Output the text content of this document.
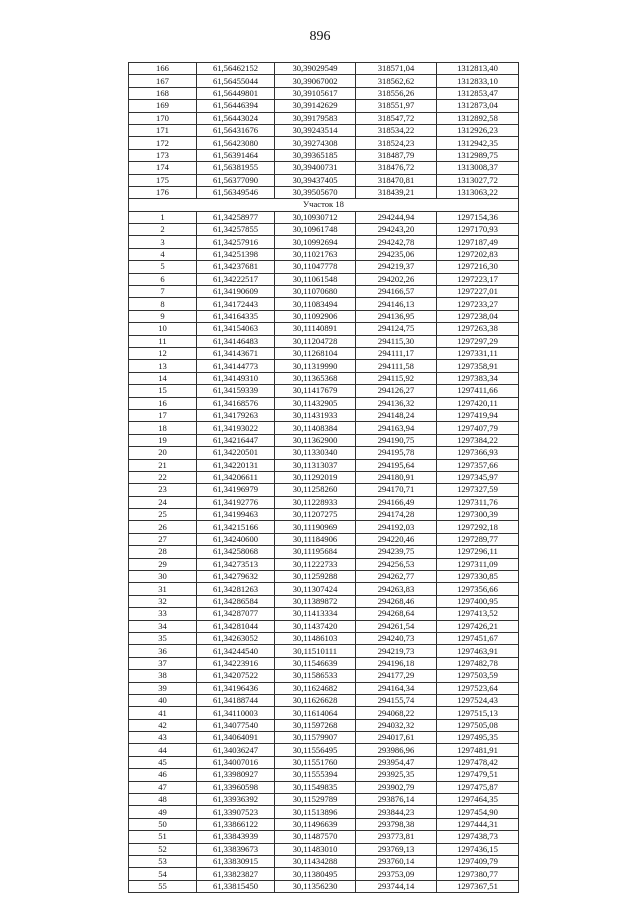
896
166	61,56462152	30,39029549	318571,04	1312813,40
167	61,56455044	30,39067002	318562,62	1312833,10
168	61,56449801	30,39105617	318556,26	1312853,47
169	61,56446394	30,39142629	318551,97	1312873,04
170	61,56443024	30,39179583	318547,72	1312892,58
171	61,56431676	30,39243514	318534,22	1312926,23
172	61,56423080	30,39274308	318524,23	1312942,35
173	61,56391464	30,39365185	318487,79	1312989,75
174	61,56381955	30,39400731	318476,72	1313008,37
175	61,56377090	30,39437405	318470,81	1313027,72
176	61,56349546	30,39505670	318439,21	1313063,22
Участок 18				
1	61,34258977	30,10930712	294244,94	1297154,36
2	61,34257855	30,10961748	294243,20	1297170,93
3	61,34257916	30,10992694	294242,78	1297187,49
4	61,34251398	30,11021763	294235,06	1297202,83
5	61,34237681	30,11047778	294219,37	1297216,30
6	61,34222517	30,11061548	294202,26	1297223,17
7	61,34190609	30,11070680	294166,57	1297227,01
8	61,34172443	30,11083494	294146,13	1297233,27
9	61,34164335	30,11092906	294136,95	1297238,04
10	61,34154063	30,11140891	294124,75	1297263,38
11	61,34146483	30,11204728	294115,30	1297297,29
12	61,34143671	30,11268104	294111,17	1297331,11
13	61,34144773	30,11319990	294111,58	1297358,91
14	61,34149310	30,11365368	294115,92	1297383,34
15	61,34159339	30,11417679	294126,27	1297411,66
16	61,34168576	30,11432905	294136,32	1297420,11
17	61,34179263	30,11431933	294148,24	1297419,94
18	61,34193022	30,11408384	294163,94	1297407,79
19	61,34216447	30,11362900	294190,75	1297384,22
20	61,34220501	30,11330340	294195,78	1297366,93
21	61,34220131	30,11313037	294195,64	1297357,66
22	61,34206611	30,11292019	294180,91	1297345,97
23	61,34196979	30,11258260	294170,71	1297327,59
24	61,34192776	30,11228933	294166,49	1297311,76
25	61,34199463	30,11207275	294174,28	1297300,39
26	61,34215166	30,11190969	294192,03	1297292,18
27	61,34240600	30,11184906	294220,46	1297289,77
28	61,34258068	30,11195684	294239,75	1297296,11
29	61,34273513	30,11222733	294256,53	1297311,09
30	61,34279632	30,11259288	294262,77	1297330,85
31	61,34281263	30,11307424	294263,83	1297356,66
32	61,34286584	30,11389872	294268,46	1297400,95
33	61,34287077	30,11413334	294268,64	1297413,52
34	61,34281044	30,11437420	294261,54	1297426,21
35	61,34263052	30,11486103	294240,73	1297451,67
36	61,34244540	30,11510111	294219,73	1297463,91
37	61,34223916	30,11546639	294196,18	1297482,78
38	61,34207522	30,11586533	294177,29	1297503,59
39	61,34196436	30,11624682	294164,34	1297523,64
40	61,34188744	30,11626628	294155,74	1297524,43
41	61,34110003	30,11614064	294068,22	1297515,13
42	61,34077540	30,11597268	294032,32	1297505,08
43	61,34064091	30,11579907	294017,61	1297495,35
44	61,34036247	30,11556495	293986,96	1297481,91
45	61,34007016	30,11551760	293954,47	1297478,42
46	61,33980927	30,11555394	293925,35	1297479,51
47	61,33960598	30,11549835	293902,79	1297475,87
48	61,33936392	30,11529789	293876,14	1297464,35
49	61,33907523	30,11513896	293844,23	1297454,90
50	61,33866122	30,11496639	293798,38	1297444,31
51	61,33843939	30,11487570	293773,81	1297438,73
52	61,33839673	30,11483010	293769,13	1297436,15
53	61,33830915	30,11434288	293760,14	1297409,79
54	61,33823827	30,11380495	293753,09	1297380,77
55	61,33815450	30,11356230	293744,14	1297367,51
